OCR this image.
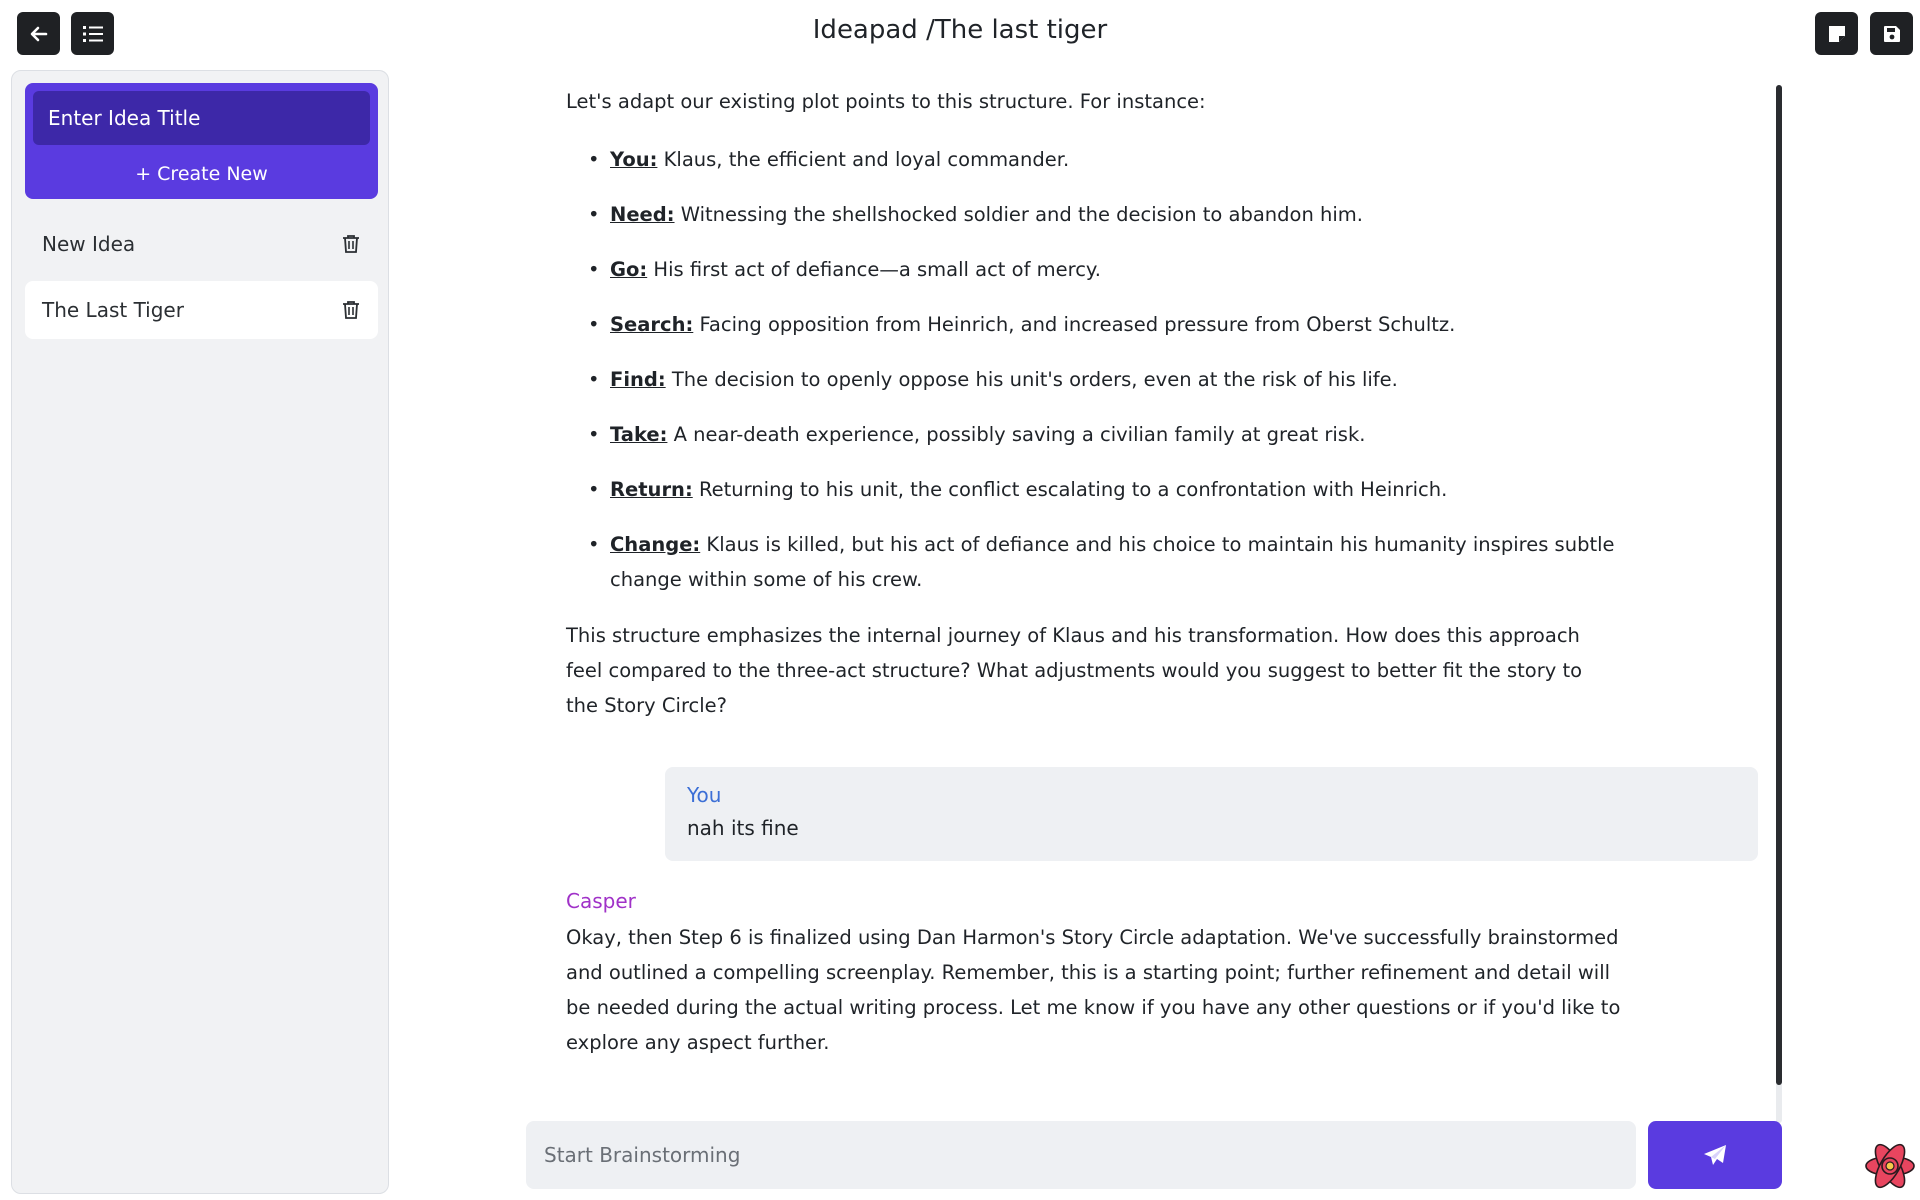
Ideapad /The last tiger
Enter Idea Title
+ Create New
New Idea
The Last Tiger

Let's adapt our existing plot points to this structure. For instance:

• You: Klaus, the efficient and loyal commander.
• Need: Witnessing the shellshocked soldier and the decision to abandon him.
• Go: His first act of defiance—a small act of mercy.
• Search: Facing opposition from Heinrich, and increased pressure from Oberst Schultz.
• Find: The decision to openly oppose his unit's orders, even at the risk of his life.
• Take: A near-death experience, possibly saving a civilian family at great risk.
• Return: Returning to his unit, the conflict escalating to a confrontation with Heinrich.
• Change: Klaus is killed, but his act of defiance and his choice to maintain his humanity inspires subtle change within some of his crew.
This structure emphasizes the internal journey of Klaus and his transformation. How does this approach feel compared to the three-act structure? What adjustments would you suggest to better fit the story to the Story Circle?
You
nah its fine
Casper
Okay, then Step 6 is finalized using Dan Harmon's Story Circle adaptation. We've successfully brainstormed and outlined a compelling screenplay. Remember, this is a starting point; further refinement and detail will be needed during the actual writing process. Let me know if you have any other questions or if you'd like to explore any aspect further.
Start Brainstorming
